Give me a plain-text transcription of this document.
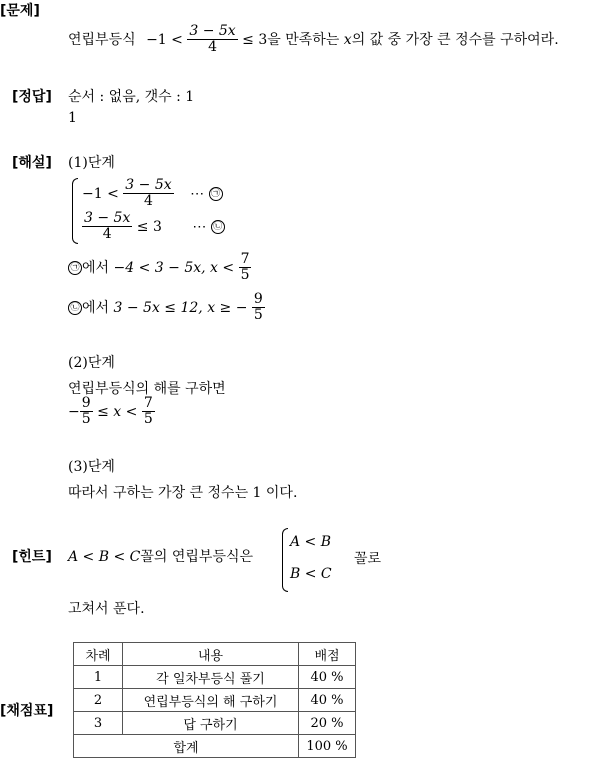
[문제]
[정답]
[해설]
[힌트]
[채점표]
연립부등식 $-1 < \frac{3 - 5x}{4} \le 3$을 만족하는 x의 값 중 가장 큰 정수를 구하여라.
순서 : 없음, 갯수 : 1
1
(1)단계
$-1 < \frac{3 - 5x}{4}$ ⋯ ㉠
$\frac{3 - 5x}{4} \le 3$ ⋯ ㉡
㉠ 에서 −4 < 3 − 5x, $x < \frac{7}{5}$
㉡ 에서 3 − 5x ≤ 12, x ≥ − $\frac{9}{5}$
(2)단계
연립부등식의 해를 구하면
− $\frac{9}{5} \le x < \frac{7}{5}$
(3)단계
따라서 구하는 가장 큰 정수는 1 이다.
A < B < C꼴의 연립부등식은
A < B
B < C
꼴로
고쳐서 푼다.
차례	내용	배점
1	각 일차부등식 풀기	40 %
2	연립부등식의 해 구하기	40 %
3	답 구하기	20 %
합계		100 %
